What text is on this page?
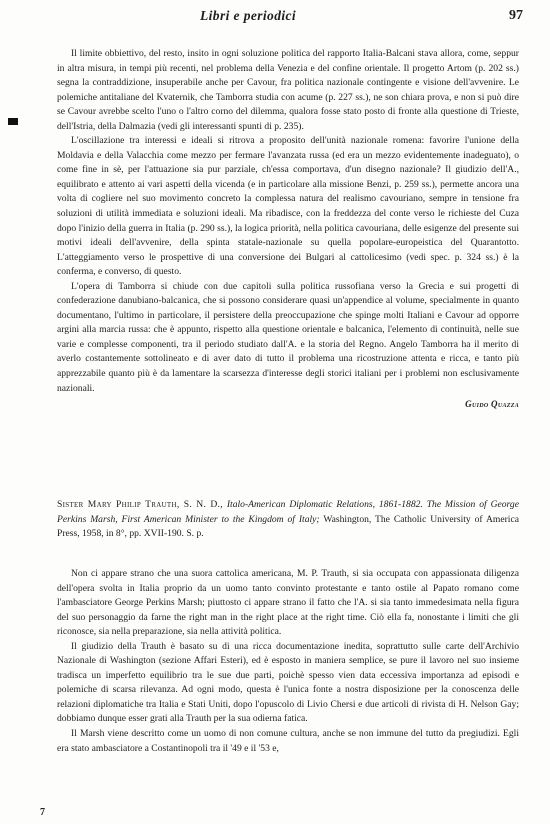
Libri e periodici	97

Il limite obbiettivo, del resto, insito in ogni soluzione politica del rapporto Italia-Balcani stava allora, come, seppur in altra misura, in tempi più recenti, nel problema della Venezia e del confine orientale. Il progetto Artom (p. 202 ss.) segna la contraddizione, insuperabile anche per Cavour, fra politica nazionale contingente e visione dell'avvenire. Le polemiche antitaliane del Kvaternik, che Tamborra studia con acume (p. 227 ss.), ne son chiara prova, e non si può dire se Cavour avrebbe scelto l'uno o l'altro corno del dilemma, qualora fosse stato posto di fronte alla questione di Trieste, dell'Istria, della Dalmazia (vedi gli interessanti spunti di p. 235).

L'oscillazione tra interessi e ideali si ritrova a proposito dell'unità nazionale romena: favorire l'unione della Moldavia e della Valacchia come mezzo per fermare l'avanzata russa (ed era un mezzo evidentemente inadeguato), o come fine in sè, per l'attuazione sia pur parziale, ch'essa comportava, d'un disegno nazionale? Il giudizio dell'A., equilibrato e attento ai vari aspetti della vicenda (e in particolare alla missione Benzi, p. 259 ss.), permette ancora una volta di cogliere nel suo movimento concreto la complessa natura del realismo cavouriano, sempre in tensione fra soluzioni di utilità immediata e soluzioni ideali. Ma ribadisce, con la freddezza del conte verso le richieste del Cuza dopo l'inizio della guerra in Italia (p. 290 ss.), la logica priorità, nella politica cavouriana, delle esigenze del presente sui motivi ideali dell'avvenire, della spinta statale-nazionale su quella popolare-europeistica del Quarantotto. L'atteggiamento verso le prospettive di una conversione dei Bulgari al cattolicesimo (vedi spec. p. 324 ss.) è la conferma, e converso, di questo.

L'opera di Tamborra si chiude con due capitoli sulla politica russofiana verso la Grecia e sui progetti di confederazione danubiano-balcanica, che si possono considerare quasi un'appendice al volume, specialmente in quanto documentano, l'ultimo in particolare, il persistere della preoccupazione che spinge molti Italiani e Cavour ad opporre argini alla marcia russa: che è appunto, rispetto alla questione orientale e balcanica, l'elemento di continuità, nelle sue varie e complesse componenti, tra il periodo studiato dall'A. e la storia del Regno. Angelo Tamborra ha il merito di averlo costantemente sottolineato e di aver dato di tutto il problema una ricostruzione attenta e ricca, e tanto più apprezzabile quanto più è da lamentare la scarsezza d'interesse degli storici italiani per i problemi non esclusivamente nazionali.

Guido Quazza

Sister Mary Philip Trauth, S. N. D., Italo-American Diplomatic Relations, 1861-1882. The Mission of George Perkins Marsh, First American Minister to the Kingdom of Italy; Washington, The Catholic University of America Press, 1958, in 8°, pp. XVII-190. S. p.

Non ci appare strano che una suora cattolica americana, M. P. Trauth, si sia occupata con appassionata diligenza dell'opera svolta in Italia proprio da un uomo tanto convinto protestante e tanto ostile al Papato romano come l'ambasciatore George Perkins Marsh; piuttosto ci appare strano il fatto che l'A. si sia tanto immedesimata nella figura del suo personaggio da farne the right man in the right place at the right time. Ciò ella fa, nonostante i limiti che gli riconosce, sia nella preparazione, sia nella attività politica.

Il giudizio della Trauth è basato su di una ricca documentazione inedita, soprattutto sulle carte dell'Archivio Nazionale di Washington (sezione Affari Esteri), ed è esposto in maniera semplice, se pure il lavoro nel suo insieme tradisca un imperfetto equilibrio tra le sue due parti, poichè spesso vien data eccessiva importanza ad episodi e polemiche di scarsa rilevanza. Ad ogni modo, questa è l'unica fonte a nostra disposizione per la conoscenza delle relazioni diplomatiche tra Italia e Stati Uniti, dopo l'opuscolo di Livio Chersi e due articoli di rivista di H. Nelson Gay; dobbiamo dunque esser grati alla Trauth per la sua odierna fatica.

Il Marsh viene descritto come un uomo di non comune cultura, anche se non immune del tutto da pregiudizi. Egli era stato ambasciatore a Costantinopoli tra il '49 e il '53 e,

7
